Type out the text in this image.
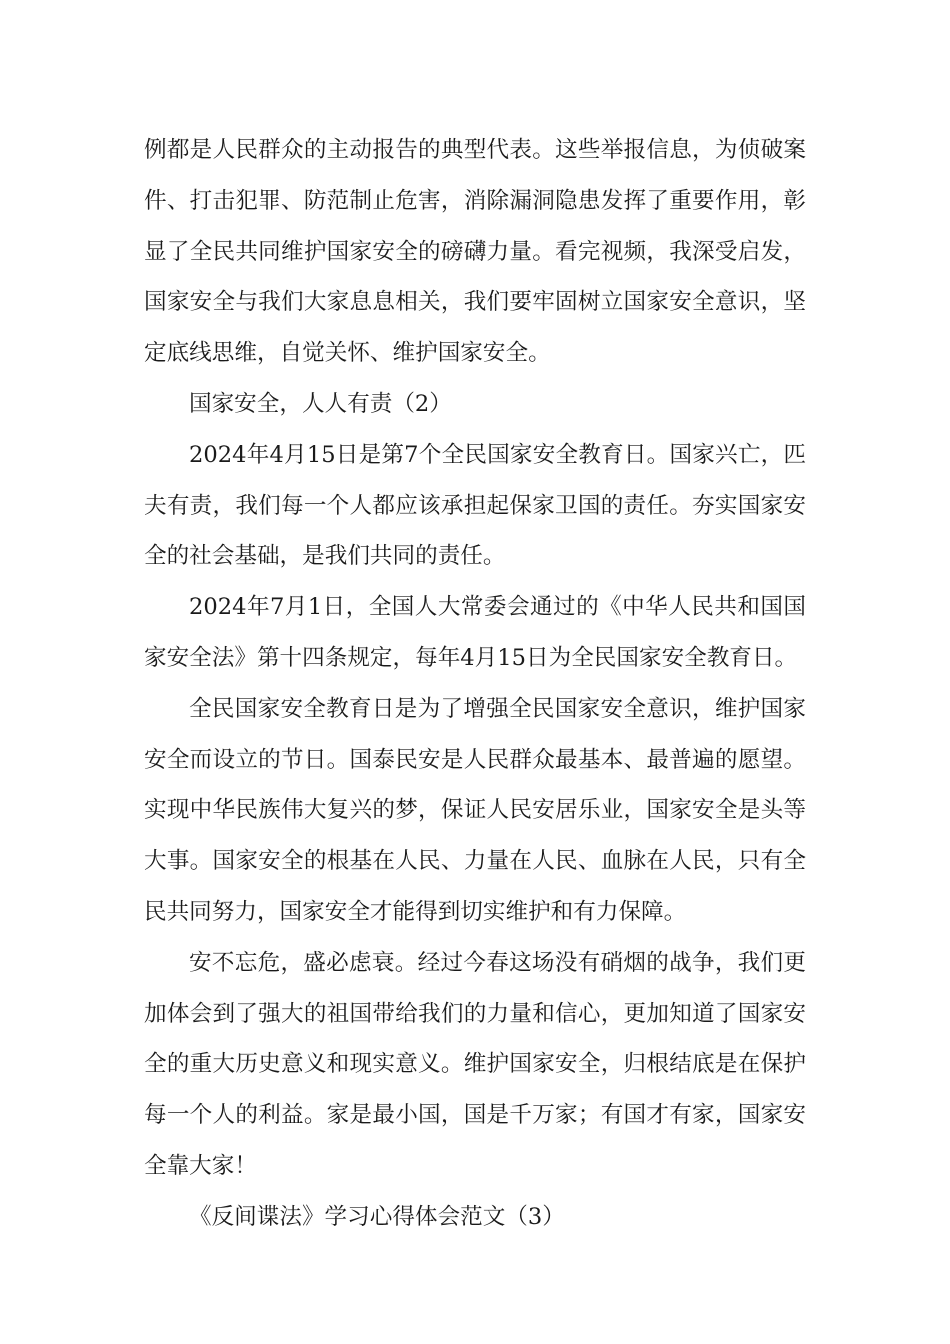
例都是人民群众的主动报告的典型代表。这些举报信息，为侦破案件、打击犯罪、防范制止危害，消除漏洞隐患发挥了重要作用，彰显了全民共同维护国家安全的磅礴力量。看完视频，我深受启发，国家安全与我们大家息息相关，我们要牢固树立国家安全意识，坚定底线思维，自觉关怀、维护国家安全。

国家安全，人人有责（2）

2024年4月15日是第7个全民国家安全教育日。国家兴亡，匹夫有责，我们每一个人都应该承担起保家卫国的责任。夯实国家安全的社会基础，是我们共同的责任。

2024年7月1日，全国人大常委会通过的《中华人民共和国国家安全法》第十四条规定，每年4月15日为全民国家安全教育日。

全民国家安全教育日是为了增强全民国家安全意识，维护国家安全而设立的节日。国泰民安是人民群众最基本、最普遍的愿望。实现中华民族伟大复兴的梦，保证人民安居乐业，国家安全是头等大事。国家安全的根基在人民、力量在人民、血脉在人民，只有全民共同努力，国家安全才能得到切实维护和有力保障。

安不忘危，盛必虑衰。经过今春这场没有硝烟的战争，我们更加体会到了强大的祖国带给我们的力量和信心，更加知道了国家安全的重大历史意义和现实意义。维护国家安全，归根结底是在保护每一个人的利益。家是最小国，国是千万家；有国才有家，国家安全靠大家！

《反间谍法》学习心得体会范文（3）
